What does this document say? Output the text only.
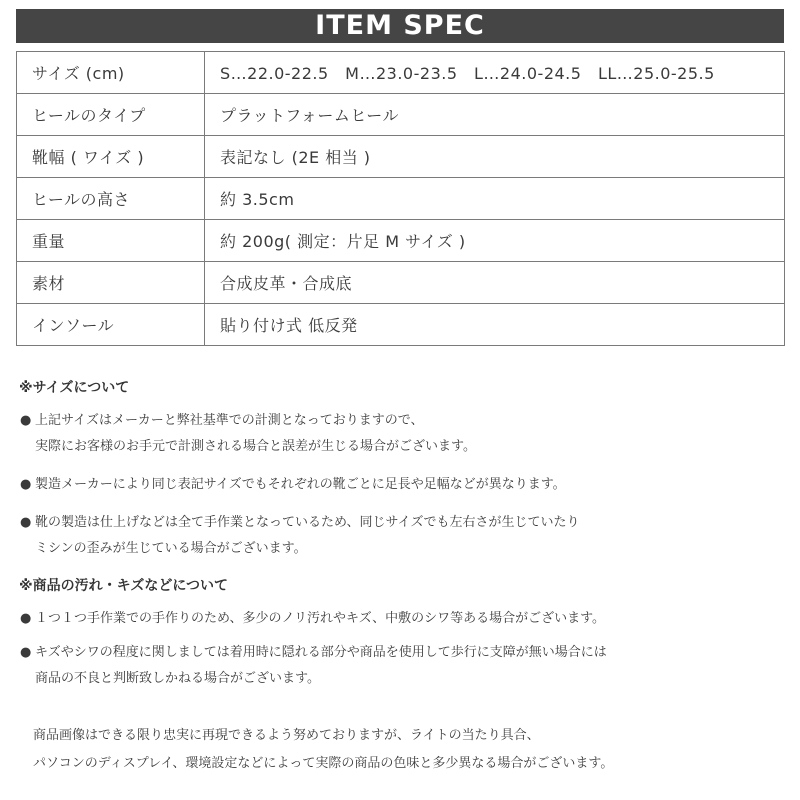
ITEM SPEC
サイズ (cm)	S…22.0-22.5　M…23.0-23.5　L…24.0-24.5　LL…25.0-25.5
ヒールのタイプ	プラットフォームヒール
靴幅 ( ワイズ )	表記なし (2E 相当 )
ヒールの高さ	約 3.5cm
重量	約 200g( 測定：片足 M サイズ )
素材	合成皮革・合成底
インソール	貼り付け式 低反発
※サイズについて
● 上記サイズはメーカーと弊社基準での計測となっておりますので、
実際にお客様のお手元で計測される場合と誤差が生じる場合がございます。
● 製造メーカーにより同じ表記サイズでもそれぞれの靴ごとに足長や足幅などが異なります。
● 靴の製造は仕上げなどは全て手作業となっているため、同じサイズでも左右さが生じていたり
ミシンの歪みが生じている場合がございます。
※商品の汚れ・キズなどについて
● １つ１つ手作業での手作りのため、多少のノリ汚れやキズ、中敷のシワ等ある場合がございます。
● キズやシワの程度に関しましては着用時に隠れる部分や商品を使用して歩行に支障が無い場合には
商品の不良と判断致しかねる場合がございます。
商品画像はできる限り忠実に再現できるよう努めておりますが、ライトの当たり具合、
パソコンのディスプレイ、環境設定などによって実際の商品の色味と多少異なる場合がございます。
